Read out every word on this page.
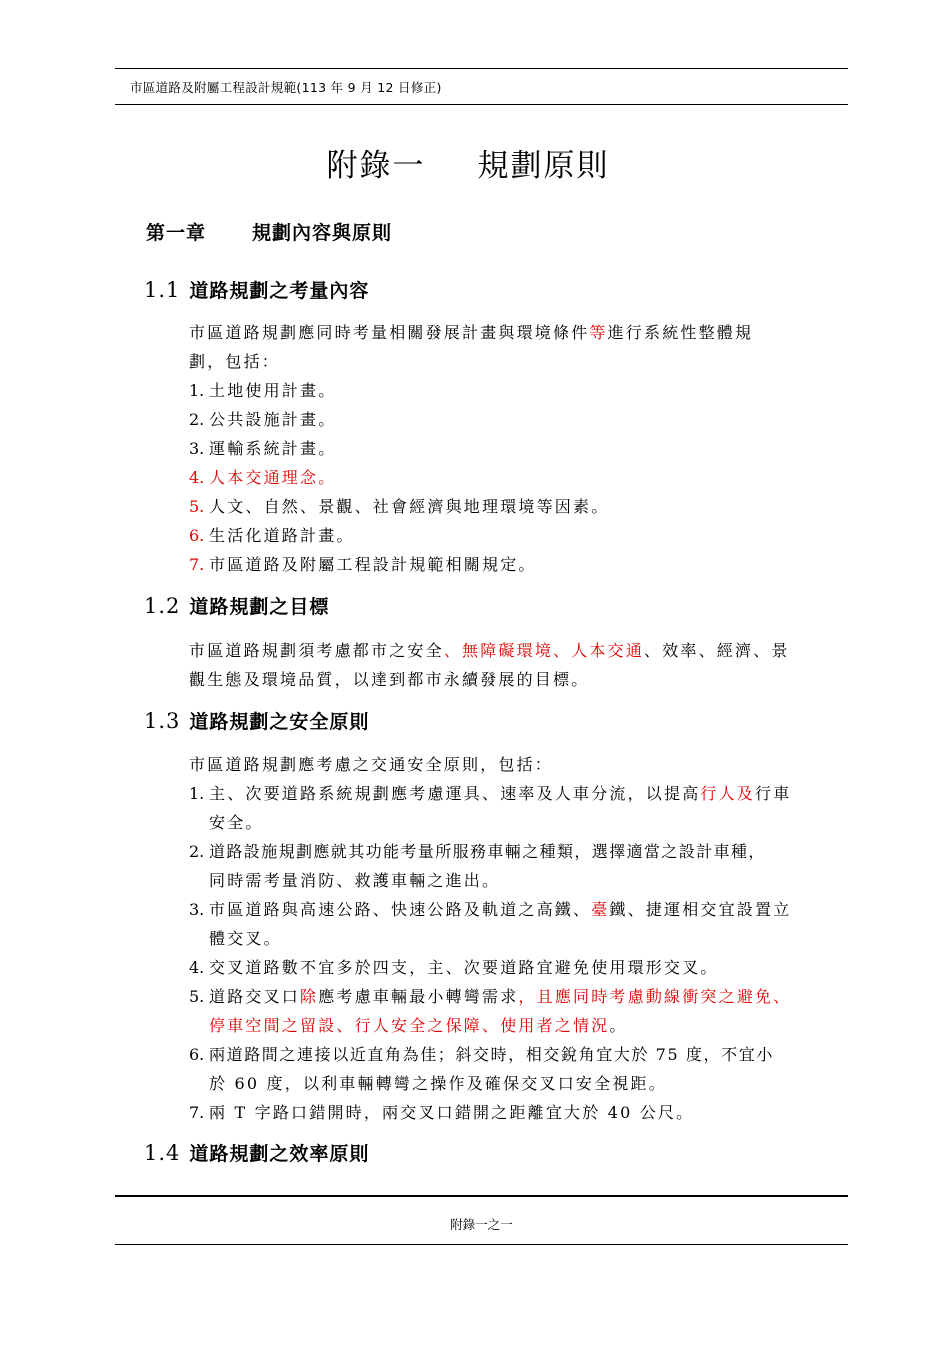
市區道路及附屬工程設計規範(113 年 9 月 12 日修正)
附錄一 規劃原則
第一章 規劃內容與原則
1.1 道路規劃之考量內容
市區道路規劃應同時考量相關發展計畫與環境條件等進行系統性整體規
劃，包括：
1. 土地使用計畫。
2. 公共設施計畫。
3. 運輸系統計畫。
4. 人本交通理念。
5. 人文、自然、景觀、社會經濟與地理環境等因素。
6. 生活化道路計畫。
7. 市區道路及附屬工程設計規範相關規定。
1.2 道路規劃之目標
市區道路規劃須考慮都市之安全、無障礙環境、人本交通、效率、經濟、景
觀生態及環境品質，以達到都市永續發展的目標。
1.3 道路規劃之安全原則
市區道路規劃應考慮之交通安全原則，包括：
1. 主、次要道路系統規劃應考慮運具、速率及人車分流，以提高行人及行車
安全。
2. 道路設施規劃應就其功能考量所服務車輛之種類，選擇適當之設計車種，
同時需考量消防、救護車輛之進出。
3. 市區道路與高速公路、快速公路及軌道之高鐵、臺鐵、捷運相交宜設置立
體交叉。
4. 交叉道路數不宜多於四支，主、次要道路宜避免使用環形交叉。
5. 道路交叉口除應考慮車輛最小轉彎需求，且應同時考慮動線衝突之避免、
停車空間之留設、行人安全之保障、使用者之情況。
6. 兩道路間之連接以近直角為佳；斜交時，相交銳角宜大於 75 度，不宜小
於 60 度，以利車輛轉彎之操作及確保交叉口安全視距。
7. 兩 T 字路口錯開時，兩交叉口錯開之距離宜大於 40 公尺。
1.4 道路規劃之效率原則
附錄一之一
